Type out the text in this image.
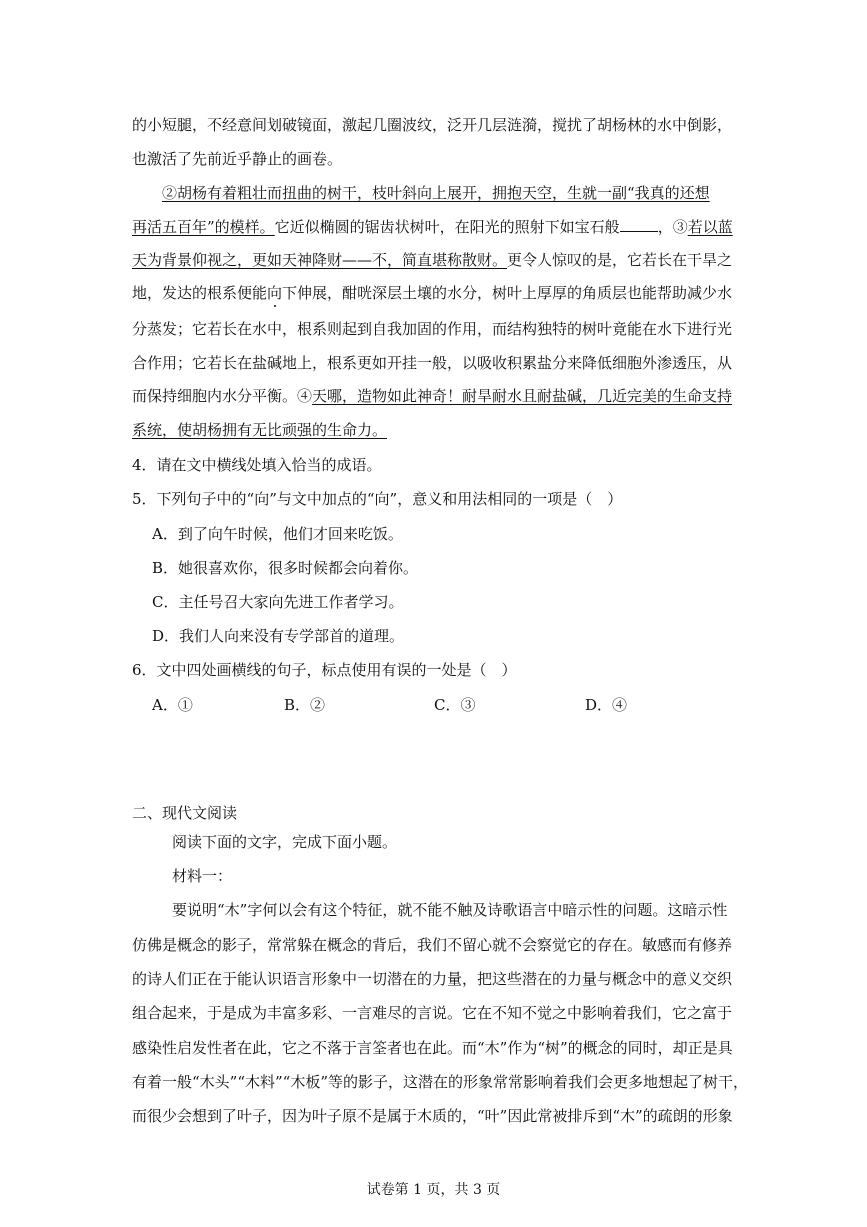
的小短腿，不经意间划破镜面，激起几圈波纹，泛开几层涟漪，搅扰了胡杨林的水中倒影，
也激活了先前近乎静止的画卷。
②胡杨有着粗壮而扭曲的树干，枝叶斜向上展开，拥抱天空，生就一副“我真的还想
再活五百年”的模样。它近似椭圆的锯齿状树叶，在阳光的照射下如宝石般	，③若以蓝
天为背景仰视之，更如天神降财——不，简直堪称散财。更令人惊叹的是，它若长在干旱之
地，发达的根系便能向下伸展，酣咣深层土壤的水分，树叶上厚厚的角质层也能帮助减少水
分蒸发；它若长在水中，根系则起到自我加固的作用，而结构独特的树叶竟能在水下进行光
合作用；它若长在盐碱地上，根系更如开挂一般，以吸收积累盐分来降低细胞外渗透压，从
而保持细胞内水分平衡。④天哪，造物如此神奇！耐旱耐水且耐盐碱，几近完美的生命支持
系统，使胡杨拥有无比顽强的生命力。
4．请在文中横线处填入恰当的成语。
5．下列句子中的“向”与文中加点的“向”，意义和用法相同的一项是（　）
A．到了向午时候，他们才回来吃饭。
B．她很喜欢你，很多时候都会向着你。
C．主任号召大家向先进工作者学习。
D．我们人向来没有专学部首的道理。
6．文中四处画横线的句子，标点使用有误的一处是（　）
A．①	B．②	C．③	D．④
二、现代文阅读
阅读下面的文字，完成下面小题。
材料一：
要说明“木”字何以会有这个特征，就不能不触及诗歌语言中暗示性的问题。这暗示性
仿佛是概念的影子，常常躲在概念的背后，我们不留心就不会察觉它的存在。敏感而有修养
的诗人们正在于能认识语言形象中一切潜在的力量，把这些潜在的力量与概念中的意义交织
组合起来，于是成为丰富多彩、一言难尽的言说。它在不知不觉之中影响着我们，它之富于
感染性启发性者在此，它之不落于言筌者也在此。而“木”作为“树”的概念的同时，却正是具
有着一般“木头”“木料”“木板”等的影子，这潜在的形象常常影响着我们会更多地想起了树干，
而很少会想到了叶子，因为叶子原不是属于木质的，“叶”因此常被排斥到“木”的疏朗的形象
试卷第 1 页，共 3 页
